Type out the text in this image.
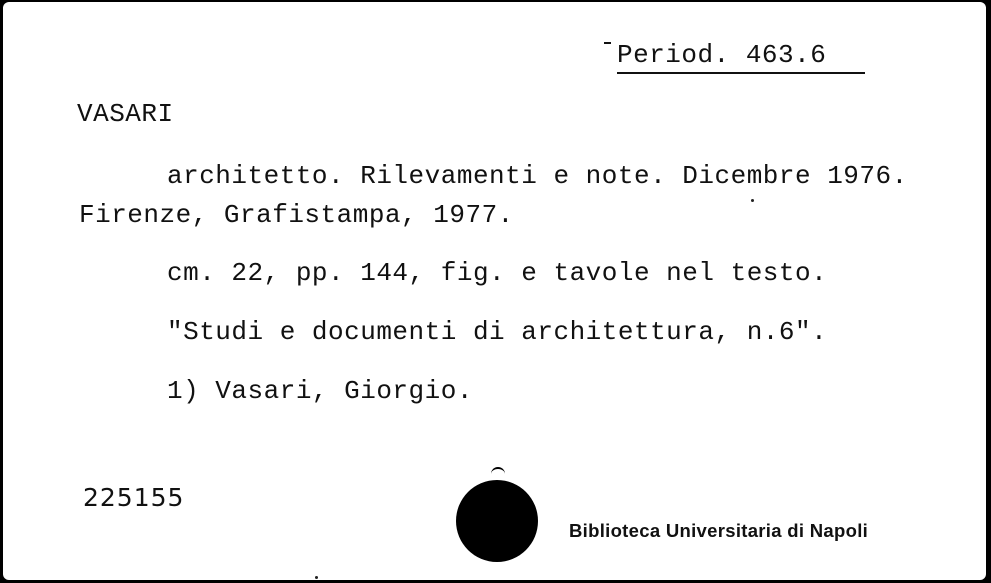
Period. 463.6
VASARI
architetto. Rilevamenti e note. Dicembre 1976.
Firenze, Grafistampa, 1977.
cm. 22, pp. 144, fig. e tavole nel testo.
"Studi e documenti di architettura, n.6".
1) Vasari, Giorgio.
225155
Biblioteca Universitaria di Napoli
